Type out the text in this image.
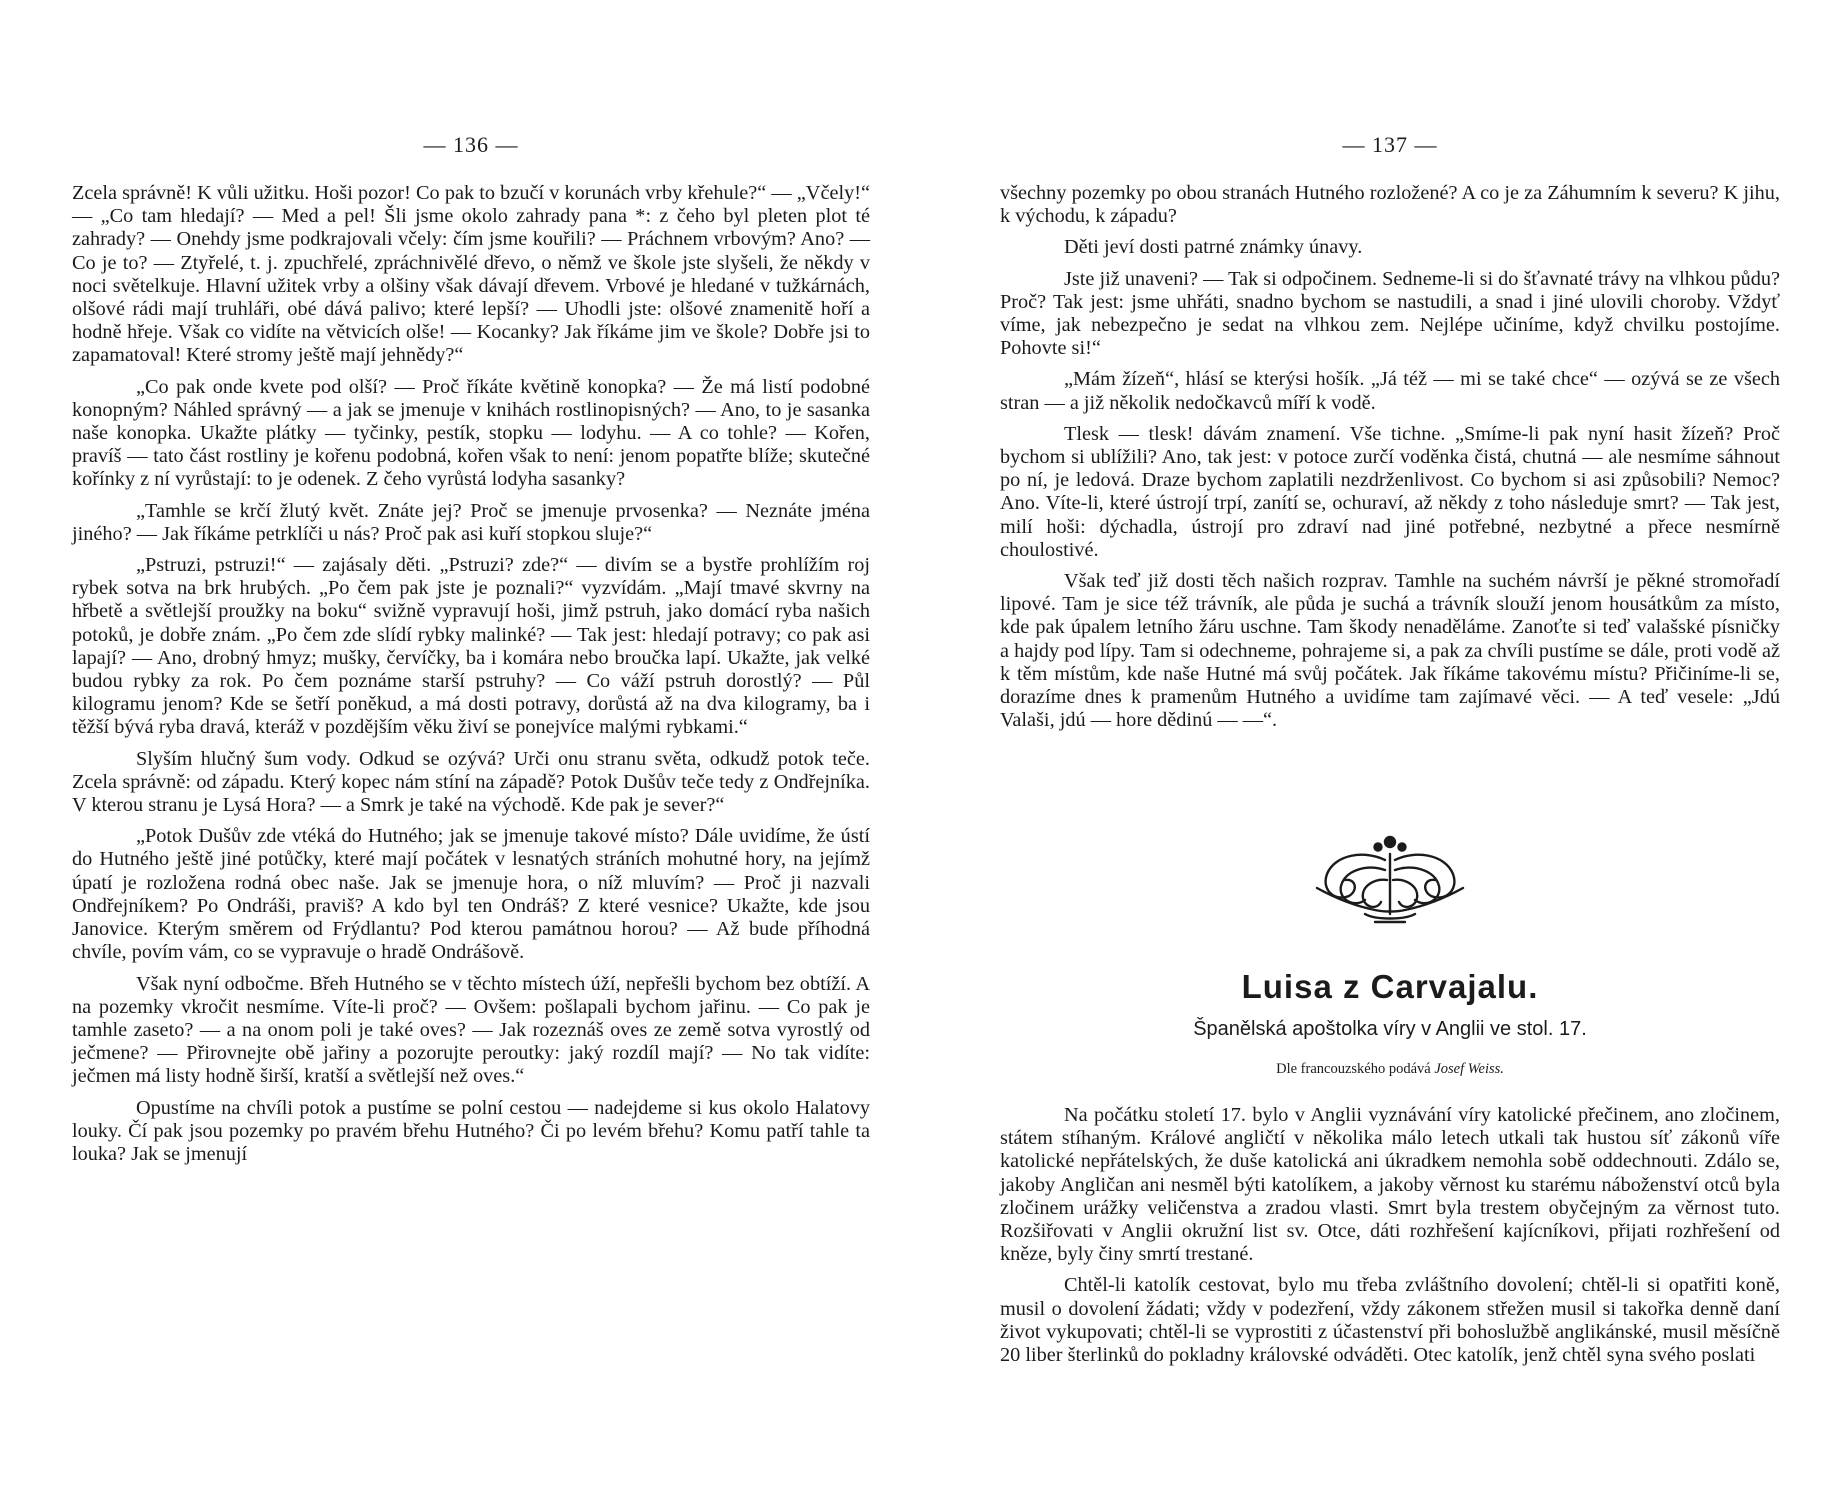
— 136 —

Zcela správně! K vůli užitku. Hoši pozor! Co pak to bzučí v korunách vrby křehule?“ — „Včely!“ — „Co tam hledají? — Med a pel! Šli jsme okolo zahrady pana *: z čeho byl pleten plot té zahrady? — Onehdy jsme podkrajovali včely: čím jsme kouřili? — Práchnem vrbovým? Ano? — Co je to? — Ztyřelé, t. j. zpuchřelé, zpráchnivělé dřevo, o němž ve škole jste slyšeli, že někdy v noci světelkuje. Hlavní užitek vrby a olšiny však dávají dřevem. Vrbové je hledané v tužkárnách, olšové rádi mají truhláři, obé dává palivo; které lepší? — Uhodli jste: olšové znamenitě hoří a hodně hřeje. Však co vidíte na větvicích olše! — Kocanky? Jak říkáme jim ve škole? Dobře jsi to zapamatoval! Které stromy ještě mají jehnědy?“

„Co pak onde kvete pod olší? — Proč říkáte květině konopka? — Že má listí podobné konopným? Náhled správný — a jak se jmenuje v knihách rostlinopisných? — Ano, to je sasanka naše konopka. Ukažte plátky — tyčinky, pestík, stopku — lodyhu. — A co tohle? — Kořen, pravíš — tato část rostliny je kořenu podobná, kořen však to není: jenom popatřte blíže; skutečné kořínky z ní vyrůstají: to je odenek. Z čeho vyrůstá lodyha sasanky?

„Tamhle se krčí žlutý květ. Znáte jej? Proč se jmenuje prvosenka? — Neznáte jména jiného? — Jak říkáme petrklíči u nás? Proč pak asi kuří stopkou sluje?“

„Pstruzi, pstruzi!“ — zajásaly děti. „Pstruzi? zde?“ — divím se a bystře prohlížím roj rybek sotva na brk hrubých. „Po čem pak jste je poznali?“ vyzvídám. „Mají tmavé skvrny na hřbetě a světlejší proužky na boku“ svižně vypravují hoši, jimž pstruh, jako domácí ryba našich potoků, je dobře znám. „Po čem zde slídí rybky malinké? — Tak jest: hledají potravy; co pak asi lapají? — Ano, drobný hmyz; mušky, červíčky, ba i komára nebo broučka lapí. Ukažte, jak velké budou rybky za rok. Po čem poznáme starší pstruhy? — Co váží pstruh dorostlý? — Půl kilogramu jenom? Kde se šetří poněkud, a má dosti potravy, dorůstá až na dva kilogramy, ba i těžší bývá ryba dravá, kteráž v pozdějším věku živí se ponejvíce malými rybkami.“

Slyším hlučný šum vody. Odkud se ozývá? Urči onu stranu světa, odkudž potok teče. Zcela správně: od západu. Který kopec nám stíní na západě? Potok Dušův teče tedy z Ondřejníka. V kterou stranu je Lysá Hora? — a Smrk je také na východě. Kde pak je sever?“

„Potok Dušův zde vtéká do Hutného; jak se jmenuje takové místo? Dále uvidíme, že ústí do Hutného ještě jiné potůčky, které mají počátek v lesnatých stráních mohutné hory, na jejímž úpatí je rozložena rodná obec naše. Jak se jmenuje hora, o níž mluvím? — Proč ji nazvali Ondřejníkem? Po Ondráši, praviš? A kdo byl ten Ondráš? Z které vesnice? Ukažte, kde jsou Janovice. Kterým směrem od Frýdlantu? Pod kterou památnou horou? — Až bude příhodná chvíle, povím vám, co se vypravuje o hradě Ondrášově.

Však nyní odbočme. Břeh Hutného se v těchto místech úží, nepřešli bychom bez obtíží. A na pozemky vkročit nesmíme. Víte-li proč? — Ovšem: pošlapali bychom jařinu. — Co pak je tamhle zaseto? — a na onom poli je také oves? — Jak rozeznáš oves ze země sotva vyrostlý od ječmene? — Přirovnejte obě jařiny a pozorujte peroutky: jaký rozdíl mají? — No tak vidíte: ječmen má listy hodně širší, kratší a světlejší než oves.“

Opustíme na chvíli potok a pustíme se polní cestou — nadejdeme si kus okolo Halatovy louky. Čí pak jsou pozemky po pravém břehu Hutného? Či po levém břehu? Komu patří tahle ta louka? Jak se jmenují

— 137 —

všechny pozemky po obou stranách Hutného rozložené? A co je za Záhumním k severu? K jihu, k východu, k západu?

Děti jeví dosti patrné známky únavy.

Jste již unaveni? — Tak si odpočinem. Sedneme-li si do šťavnaté trávy na vlhkou půdu? Proč? Tak jest: jsme uhřáti, snadno bychom se nastudili, a snad i jiné ulovili choroby. Vždyť víme, jak nebezpečno je sedat na vlhkou zem. Nejlépe učiníme, když chvilku postojíme. Pohovte si!“

„Mám žízeň“, hlásí se kterýsi hošík. „Já též — mi se také chce“ — ozývá se ze všech stran — a již několik nedočkavců míří k vodě.

Tlesk — tlesk! dávám znamení. Vše tichne. „Smíme-li pak nyní hasit žízeň? Proč bychom si ublížili? Ano, tak jest: v potoce zurčí voděnka čistá, chutná — ale nesmíme sáhnout po ní, je ledová. Draze bychom zaplatili nezdrženlivost. Co bychom si asi způsobili? Nemoc? Ano. Víte-li, které ústrojí trpí, zanítí se, ochuraví, až někdy z toho následuje smrt? — Tak jest, milí hoši: dýchadla, ústrojí pro zdraví nad jiné potřebné, nezbytné a přece nesmírně choulostivé.

Však teď již dosti těch našich rozprav. Tamhle na suchém návrší je pěkné stromořadí lipové. Tam je sice též trávník, ale půda je suchá a trávník slouží jenom housátkům za místo, kde pak úpalem letního žáru uschne. Tam škody nenaděláme. Zanoťte si teď valašské písničky a hajdy pod lípy. Tam si odechneme, pohrajeme si, a pak za chvíli pustíme se dále, proti vodě až k těm místům, kde naše Hutné má svůj počátek. Jak říkáme takovému místu? Přičiníme-li se, dorazíme dnes k pramenům Hutného a uvidíme tam zajímavé věci. — A teď vesele: „Jdú Valaši, jdú — hore dědinú — —“.

Luisa z Carvajalu.
Španělská apoštolka víry v Anglii ve stol. 17.
Dle francouzského podává Josef Weiss.

Na počátku století 17. bylo v Anglii vyznávání víry katolické přečinem, ano zločinem, státem stíhaným. Králové angličtí v několika málo letech utkali tak hustou síť zákonů víře katolické nepřátelských, že duše katolická ani úkradkem nemohla sobě oddechnouti. Zdálo se, jakoby Angličan ani nesměl býti katolíkem, a jakoby věrnost ku starému náboženství otců byla zločinem urážky veličenstva a zradou vlasti. Smrt byla trestem obyčejným za věrnost tuto. Rozšiřovati v Anglii okružní list sv. Otce, dáti rozhřešení kajícníkovi, přijati rozhřešení od kněze, byly činy smrtí trestané.

Chtěl-li katolík cestovat, bylo mu třeba zvláštního dovolení; chtěl-li si opatřiti koně, musil o dovolení žádati; vždy v podezření, vždy zákonem střežen musil si takořka denně daní život vykupovati; chtěl-li se vyprostiti z účastenství při bohoslužbě anglikánské, musil měsíčně 20 liber šterlinků do pokladny královské odváděti. Otec katolík, jenž chtěl syna svého poslati
